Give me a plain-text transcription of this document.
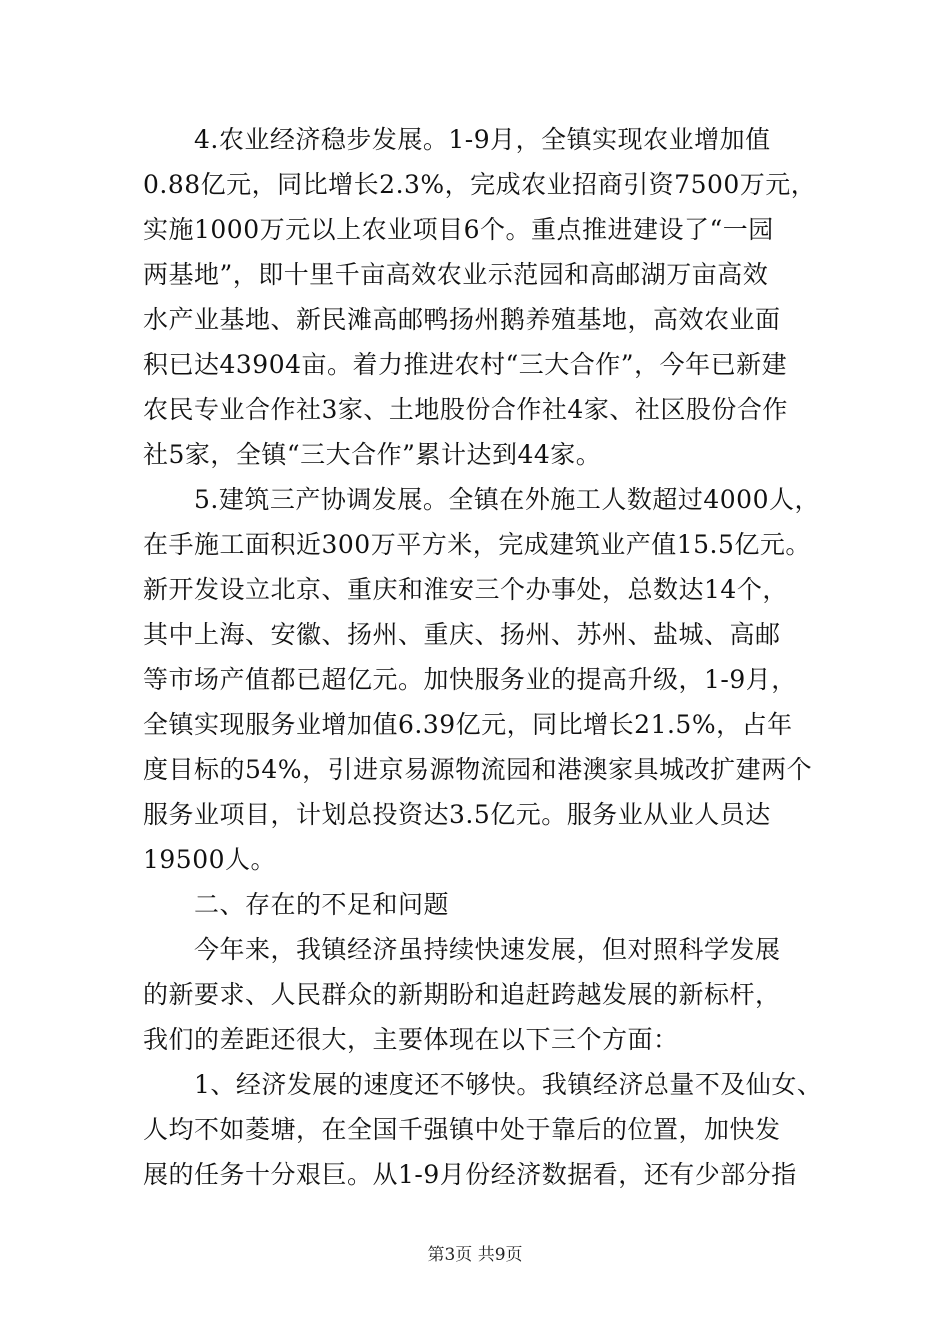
　　4.农业经济稳步发展。1-9月，全镇实现农业增加值
0.88亿元，同比增长2.3%，完成农业招商引资7500万元，
实施1000万元以上农业项目6个。重点推进建设了“一园
两基地”，即十里千亩高效农业示范园和高邮湖万亩高效
水产业基地、新民滩高邮鸭扬州鹅养殖基地，高效农业面
积已达43904亩。着力推进农村“三大合作”，今年已新建
农民专业合作社3家、土地股份合作社4家、社区股份合作
社5家，全镇“三大合作”累计达到44家。
　　5.建筑三产协调发展。全镇在外施工人数超过4000人，
在手施工面积近300万平方米，完成建筑业产值15.5亿元。
新开发设立北京、重庆和淮安三个办事处，总数达14个，
其中上海、安徽、扬州、重庆、扬州、苏州、盐城、高邮
等市场产值都已超亿元。加快服务业的提高升级，1-9月，
全镇实现服务业增加值6.39亿元，同比增长21.5%，占年
度目标的54%，引进京易源物流园和港澳家具城改扩建两个
服务业项目，计划总投资达3.5亿元。服务业从业人员达
19500人。
　　二、存在的不足和问题
　　今年来，我镇经济虽持续快速发展，但对照科学发展
的新要求、人民群众的新期盼和追赶跨越发展的新标杆，
我们的差距还很大，主要体现在以下三个方面：
　　1、经济发展的速度还不够快。我镇经济总量不及仙女、
人均不如菱塘，在全国千强镇中处于靠后的位置，加快发
展的任务十分艰巨。从1-9月份经济数据看，还有少部分指
第3页 共9页
